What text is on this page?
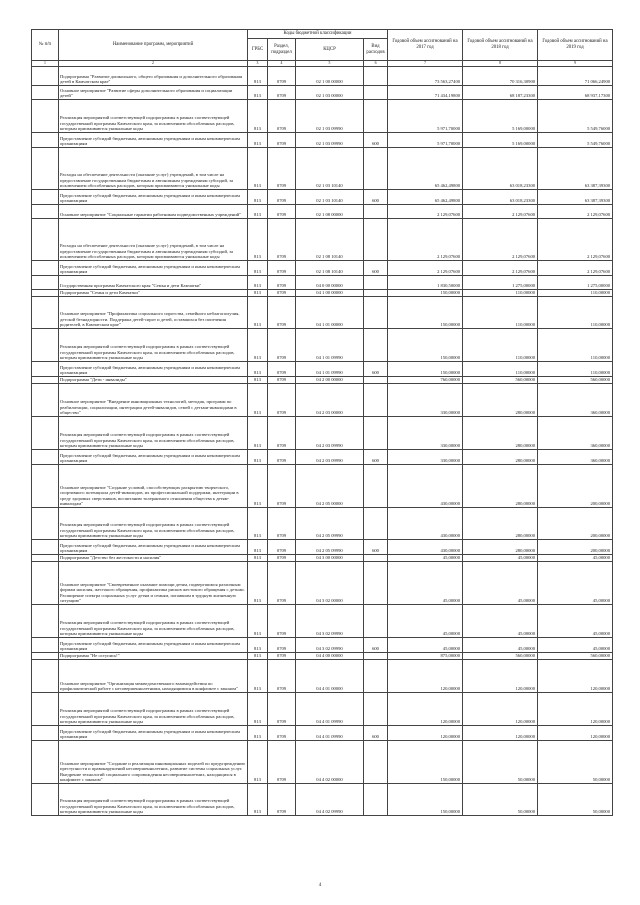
№ п/п	Наименование программ, мероприятий	Коды бюджетной классификации				Годовой объем ассигнований на 2017 год	Годовой объем ассигнований на 2018 год	Годовой объем ассигнований на 2019 год
		ГРБС	Раздел, подраздел	КЦСР	Вид расходов			
1	2	3	4	5	6	7	8	9
	Подпрограмма "Развитие дошкольного, общего образования и дополнительного образования детей в Камчатском крае"	813	0709	02 1 00 00000		73 563,27400	70 316,30900	71 066,24900
	Основное мероприятие "Развитие сферы дополнительного образования и социализации детей"	813	0709	02 1 03 00000		71 434,19800	68 187,23300	68 937,17300
	Реализация мероприятий соответствующей подпрограммы в рамках соответствующей государственной программы Камчатского края, за исключением обособленных расходов, которым присваиваются уникальные коды	813	0709	02 1 03 09990		5 971,70000	5 169,00000	5 549,76000
	Предоставление субсидий бюджетным, автономным учреждениям и иным некоммерческим организациям	813	0709	02 1 03 09990	600	5 971,70000	5 169,00000	5 549,76000
	Расходы на обеспечение деятельности (оказание услуг) учреждений, в том числе на предоставление государственным бюджетным и автономным учреждениям субсидий, за исключением обособленных расходов, которым присваиваются уникальные коды	813	0709	02 1 03 10140		65 462,49800	63 018,23300	63 387,39300
	Предоставление субсидий бюджетным, автономным учреждениям и иным некоммерческим организациям	813	0709	02 1 03 10140	600	65 462,49800	63 018,23300	63 387,39300
	Основное мероприятие "Социальные гарантии работникам подведомственных учреждений"	813	0709	02 1 08 00000		2 129,07600	2 129,07600	2 129,07600
	Расходы на обеспечение деятельности (оказание услуг) учреждений, в том числе на предоставление государственным бюджетным и автономным учреждениям субсидий, за исключением обособленных расходов, которым присваиваются уникальные коды	813	0709	02 1 08 10140		2 129,07600	2 129,07600	2 129,07600
	Предоставление субсидий бюджетным, автономным учреждениям и иным некоммерческим организациям	813	0709	02 1 08 10140	600	2 129,07600	2 129,07600	2 129,07600
	Государственная программа Камчатского края "Семья и дети Камчатки"	813	0709	04 0 00 00000		1 830,50000	1 275,00000	1 275,00000
	Подпрограмма "Семья и дети Камчатки"	813	0709	04 1 00 00000		150,00000	110,00000	110,00000
	Основное мероприятие "Профилактика социального сиротства, семейного неблагополучия, детской безнадзорности. Поддержка детей-сирот и детей, оставшихся без попечения родителей, в Камчатском крае"	813	0709	04 1 01 00000		150,00000	110,00000	110,00000
	Реализация мероприятий соответствующей подпрограммы в рамках соответствующей государственной программы Камчатского края, за исключением обособленных расходов, которым присваиваются уникальные коды	813	0709	04 1 01 09990		150,00000	110,00000	110,00000
	Предоставление субсидий бюджетным, автономным учреждениям и иным некоммерческим организациям	813	0709	04 1 01 09990	600	150,00000	110,00000	110,00000
	Подпрограмма "Дети - инвалиды"	813	0709	04 2 00 00000		760,00000	560,00000	560,00000
	Основное мероприятие "Внедрение инновационных технологий, методик, программ по реабилитации, социализации, интеграции детей-инвалидов, семей с детьми-инвалидами в общество"	813	0709	04 2 03 00000		330,00000	280,00000	360,00000
	Реализация мероприятий соответствующей подпрограммы в рамках соответствующей государственной программы Камчатского края, за исключением обособленных расходов, которым присваиваются уникальные коды	813	0709	04 2 03 09990		330,00000	280,00000	360,00000
	Предоставление субсидий бюджетным, автономным учреждениям и иным некоммерческим организациям	813	0709	04 2 03 09990	600	330,00000	280,00000	360,00000
	Основное мероприятие "Создание условий, способствующих раскрытию творческого, спортивного потенциала детей-инвалидов, их профессиональной поддержки, интеграции в среду здоровых сверстников, воспитанию толерантного отношения общества к детям-инвалидам"	813	0709	04 2 05 00000		430,00000	280,00000	200,00000
	Реализация мероприятий соответствующей подпрограммы в рамках соответствующей государственной программы Камчатского края, за исключением обособленных расходов, которым присваиваются уникальные коды	813	0709	04 2 05 09990		430,00000	280,00000	200,00000
	Предоставление субсидий бюджетным, автономным учреждениям и иным некоммерческим организациям	813	0709	04 2 05 09990	600	430,00000	280,00000	200,00000
	Подпрограмма "Детство без жестокости и насилия"	813	0709	04 3 00 00000		45,00000	45,00000	45,00000
	Основное мероприятие "Своевременное оказание помощи детям, подвергшимся различным формам насилия, жестокого обращения, профилактика рисков жестокого обращения с детьми. Расширение спектра социальных услуг детям и семьям, попавшим в трудную жизненную ситуацию"	813	0709	04 3 02 00000		45,00000	45,00000	45,00000
	Реализация мероприятий соответствующей подпрограммы в рамках соответствующей государственной программы Камчатского края, за исключением обособленных расходов, которым присваиваются уникальные коды	813	0709	04 3 02 09990		45,00000	45,00000	45,00000
	Предоставление субсидий бюджетным, автономным учреждениям и иным некоммерческим организациям	813	0709	04 3 02 09990	600	45,00000	45,00000	45,00000
	Подпрограмма "Не оступись!"	813	0709	04 4 00 00000		875,00000	560,00000	560,00000
	Основное мероприятие "Организация межведомственного взаимодействия по профилактической работе с несовершеннолетними, находящимися в конфликте с законом"	813	0709	04 4 01 00000		120,00000	120,00000	120,00000
	Реализация мероприятий соответствующей подпрограммы в рамках соответствующей государственной программы Камчатского края, за исключением обособленных расходов, которым присваиваются уникальные коды	813	0709	04 4 01 09990		120,00000	120,00000	120,00000
	Предоставление субсидий бюджетным, автономным учреждениям и иным некоммерческим организациям	813	0709	04 4 01 09990	600	120,00000	120,00000	120,00000
	Основное мероприятие "Создание и реализация инновационных моделей по предупреждению преступности и правонарушений несовершеннолетних, развитие системы социальных услуг. Внедрение технологий социального сопровождения несовершеннолетних, находящихся в конфликте с законом"	813	0709	04 4 02 00000		150,00000	50,00000	50,00000
	Реализация мероприятий соответствующей подпрограммы в рамках соответствующей государственной программы Камчатского края, за исключением обособленных расходов, которым присваиваются уникальные коды	813	0709	04 4 02 09990		150,00000	50,00000	50,00000
4
